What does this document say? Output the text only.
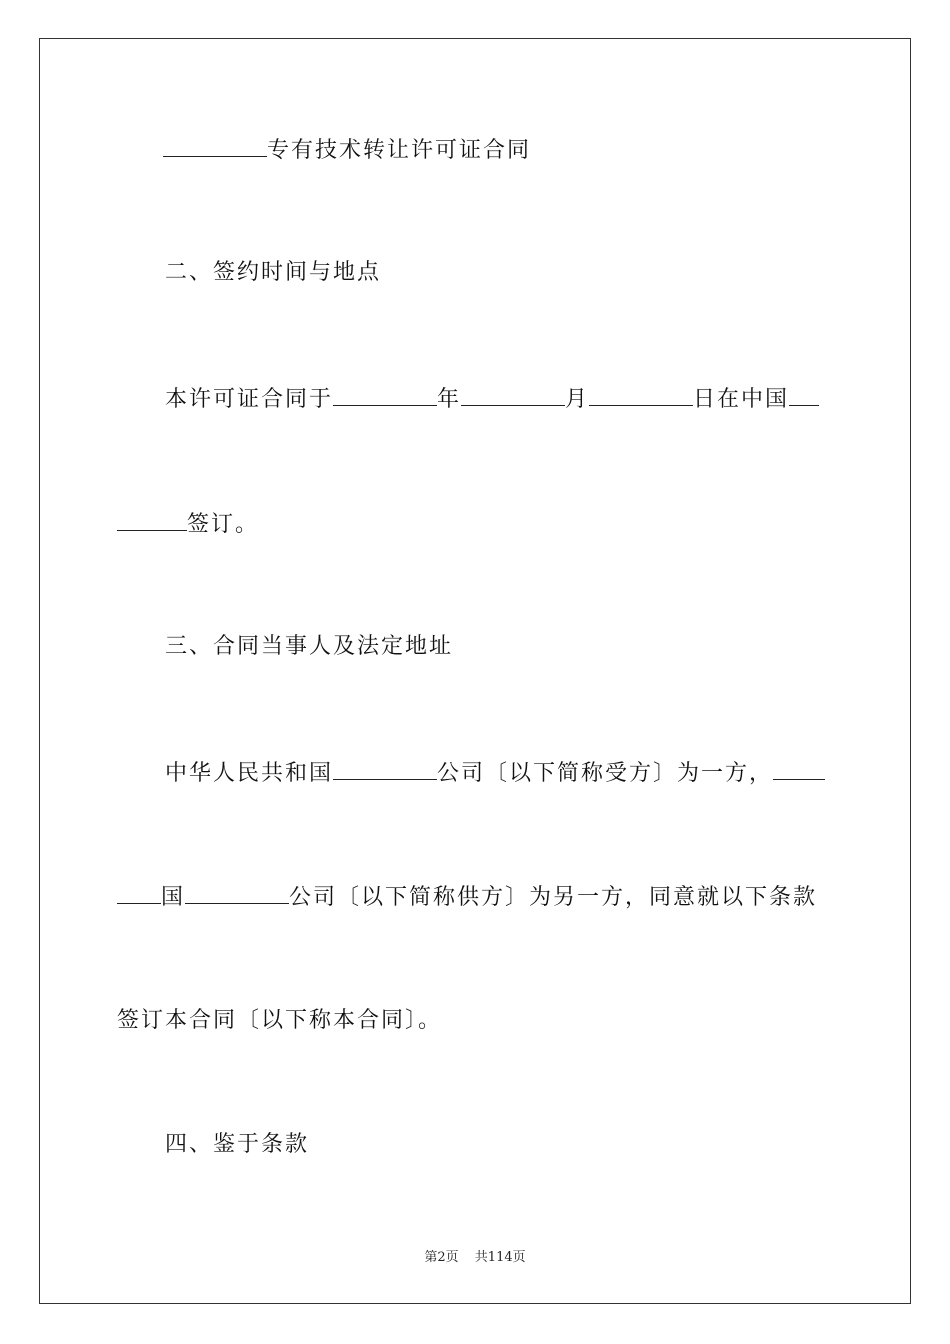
专有技术转让许可证合同
二、签约时间与地点
本许可证合同于	年	月	日在中国
签订。
三、合同当事人及法定地址
中华人民共和国	公司〔以下简称受方〕为一方，
国	公司〔以下简称供方〕为另一方，同意就以下条款
签订本合同〔以下称本合同〕。
四、鉴于条款
第2页 共114页
